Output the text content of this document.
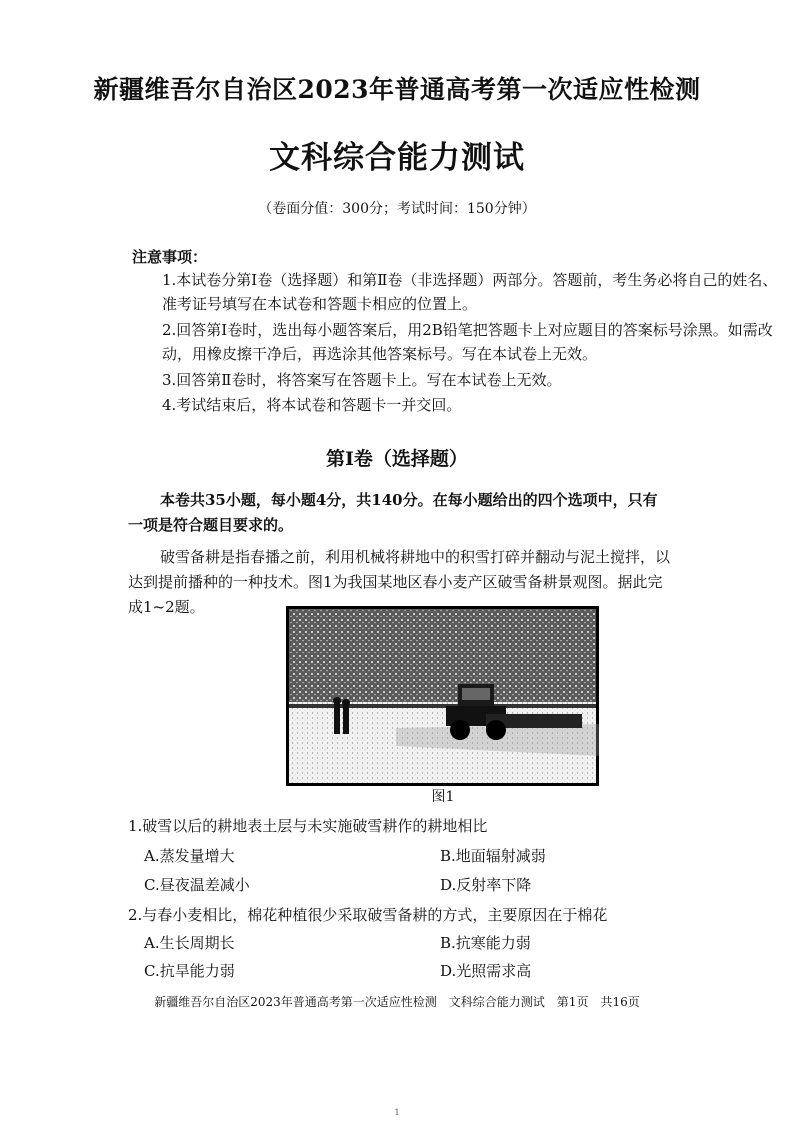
新疆维吾尔自治区2023年普通高考第一次适应性检测
文科综合能力测试
（卷面分值：300分；考试时间：150分钟）
注意事项：
1.本试卷分第Ⅰ卷（选择题）和第Ⅱ卷（非选择题）两部分。答题前，考生务必将自己的姓名、准考证号填写在本试卷和答题卡相应的位置上。
2.回答第Ⅰ卷时，选出每小题答案后，用2B铅笔把答题卡上对应题目的答案标号涂黑。如需改动，用橡皮擦干净后，再选涂其他答案标号。写在本试卷上无效。
3.回答第Ⅱ卷时，将答案写在答题卡上。写在本试卷上无效。
4.考试结束后，将本试卷和答题卡一并交回。
第Ⅰ卷（选择题）
本卷共35小题，每小题4分，共140分。在每小题给出的四个选项中，只有一项是符合题目要求的。
破雪备耕是指春播之前，利用机械将耕地中的积雪打碎并翻动与泥土搅拌，以达到提前播种的一种技术。图1为我国某地区春小麦产区破雪备耕景观图。据此完成1~2题。
图1
1.破雪以后的耕地表土层与未实施破雪耕作的耕地相比
A.蒸发量增大	B.地面辐射减弱
C.昼夜温差减小	D.反射率下降
2.与春小麦相比，棉花种植很少采取破雪备耕的方式，主要原因在于棉花
A.生长周期长	B.抗寒能力弱
C.抗旱能力弱	D.光照需求高
新疆维吾尔自治区2023年普通高考第一次适应性检测　文科综合能力测试　第1页　共16页
1
